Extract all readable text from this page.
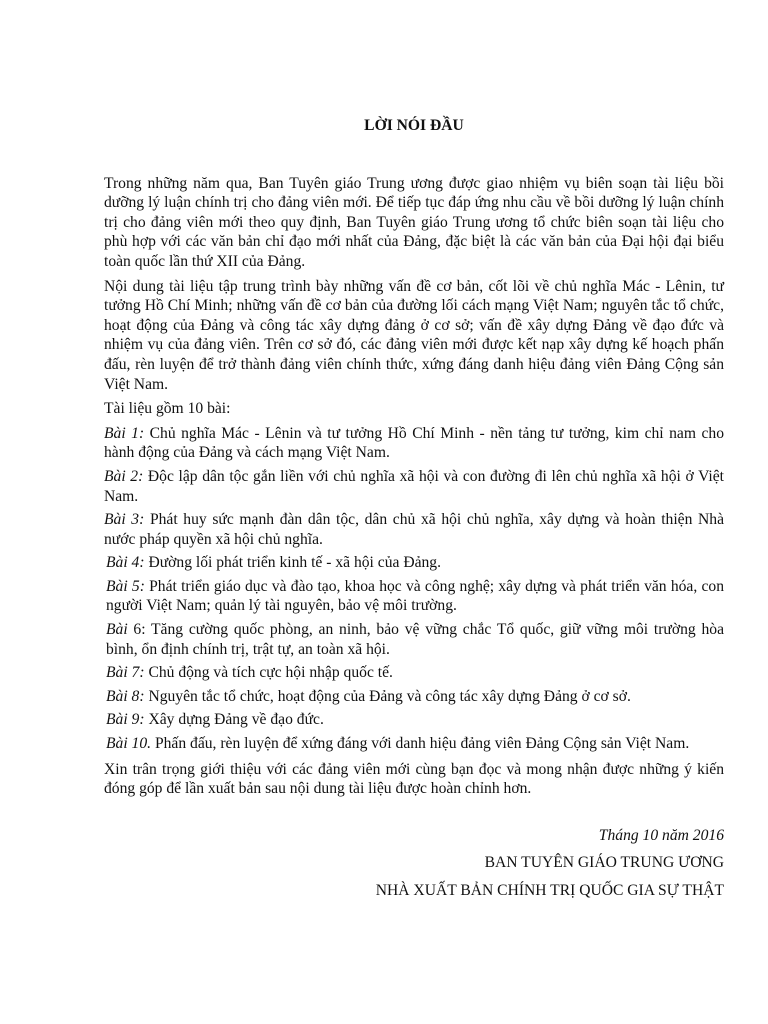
LỜI NÓI ĐẦU

Trong những năm qua, Ban Tuyên giáo Trung ương được giao nhiệm vụ biên soạn tài liệu bồi dưỡng lý luận chính trị cho đảng viên mới. Để tiếp tục đáp ứng nhu cầu về bồi dưỡng lý luận chính trị cho đảng viên mới theo quy định, Ban Tuyên giáo Trung ương tổ chức biên soạn tài liệu cho phù hợp với các văn bản chỉ đạo mới nhất của Đảng, đặc biệt là các văn bản của Đại hội đại biểu toàn quốc lần thứ XII của Đảng.

Nội dung tài liệu tập trung trình bày những vấn đề cơ bản, cốt lõi về chủ nghĩa Mác - Lênin, tư tưởng Hồ Chí Minh; những vấn đề cơ bản của đường lối cách mạng Việt Nam; nguyên tắc tổ chức, hoạt động của Đảng và công tác xây dựng đảng ở cơ sở; vấn đề xây dựng Đảng về đạo đức và nhiệm vụ của đảng viên. Trên cơ sở đó, các đảng viên mới được kết nạp xây dựng kế hoạch phấn đấu, rèn luyện để trở thành đảng viên chính thức, xứng đáng danh hiệu đảng viên Đảng Cộng sản Việt Nam.

Tài liệu gồm 10 bài:

Bài 1: Chủ nghĩa Mác - Lênin và tư tưởng Hồ Chí Minh - nền tảng tư tưởng, kim chỉ nam cho hành động của Đảng và cách mạng Việt Nam.

Bài 2: Độc lập dân tộc gắn liền với chủ nghĩa xã hội và con đường đi lên chủ nghĩa xã hội ở Việt Nam.

Bài 3: Phát huy sức mạnh đàn dân tộc, dân chủ xã hội chủ nghĩa, xây dựng và hoàn thiện Nhà nước pháp quyền xã hội chủ nghĩa.

Bài 4: Đường lối phát triển kinh tế - xã hội của Đảng.

Bài 5: Phát triển giáo dục và đào tạo, khoa học và công nghệ; xây dựng và phát triển văn hóa, con người Việt Nam; quản lý tài nguyên, bảo vệ môi trường.

Bài 6: Tăng cường quốc phòng, an ninh, bảo vệ vững chắc Tổ quốc, giữ vững môi trường hòa bình, ổn định chính trị, trật tự, an toàn xã hội.

Bài 7: Chủ động và tích cực hội nhập quốc tế.

Bài 8: Nguyên tắc tổ chức, hoạt động của Đảng và công tác xây dựng Đảng ở cơ sở.

Bài 9: Xây dựng Đảng về đạo đức.

Bài 10. Phấn đấu, rèn luyện để xứng đáng với danh hiệu đảng viên Đảng Cộng sản Việt Nam.

Xin trân trọng giới thiệu với các đảng viên mới cùng bạn đọc và mong nhận được những ý kiến đóng góp để lần xuất bản sau nội dung tài liệu được hoàn chỉnh hơn.

Tháng 10 năm 2016
BAN TUYÊN GIÁO TRUNG ƯƠNG
NHÀ XUẤT BẢN CHÍNH TRỊ QUỐC GIA SỰ THẬT
